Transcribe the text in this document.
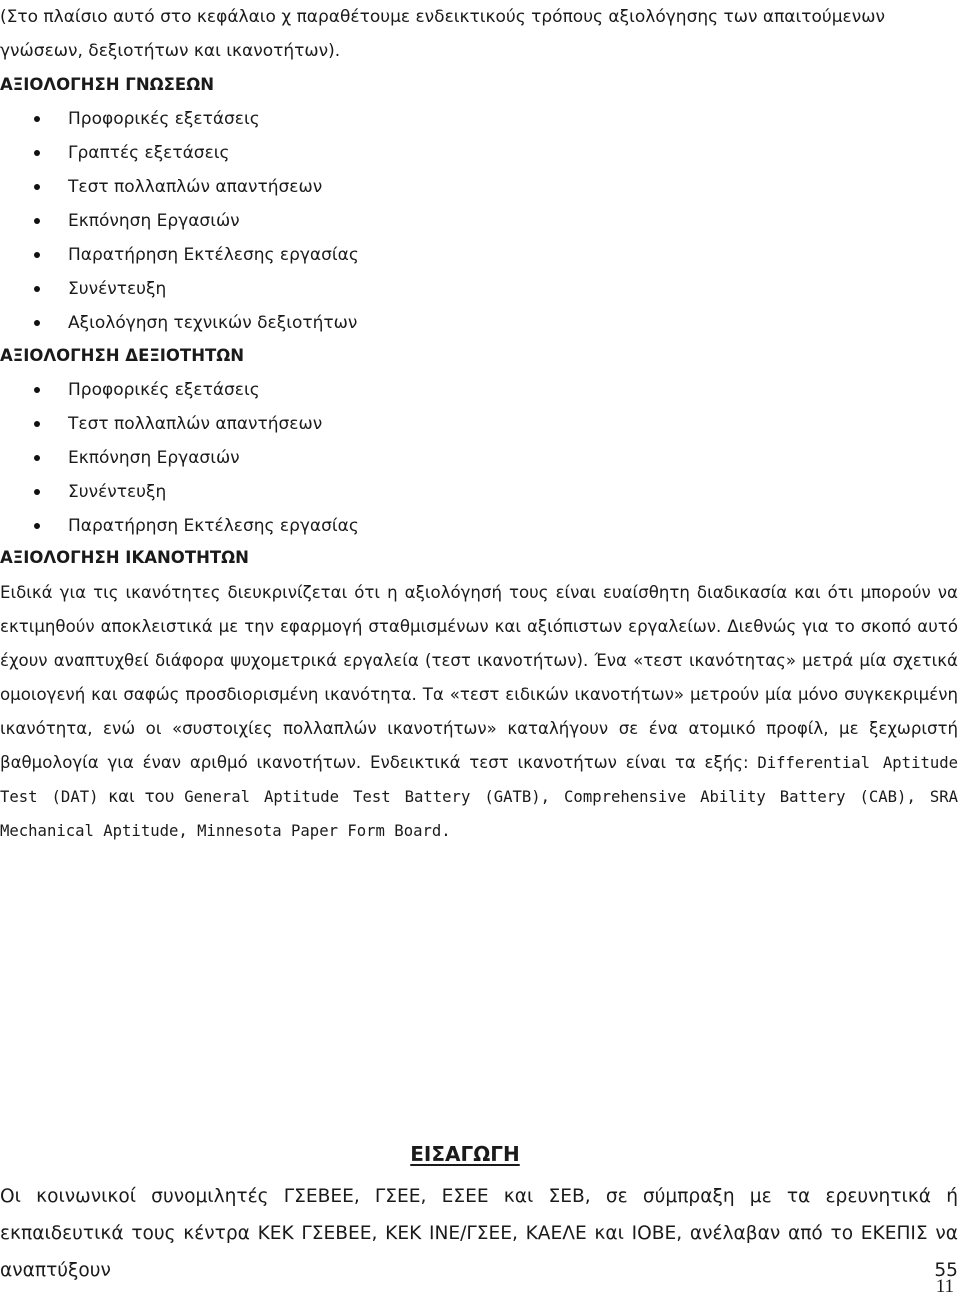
(Στο πλαίσιο αυτό στο κεφάλαιο χ παραθέτουμε ενδεικτικούς τρόπους αξιολόγησης των απαιτούμενων γνώσεων, δεξιοτήτων και ικανοτήτων).

ΑΞΙΟΛΟΓΗΣΗ ΓΝΩΣΕΩΝ
Προφορικές εξετάσεις
Γραπτές εξετάσεις
Τεστ πολλαπλών απαντήσεων
Εκπόνηση Εργασιών
Παρατήρηση Εκτέλεσης εργασίας
Συνέντευξη
Αξιολόγηση τεχνικών δεξιοτήτων
ΑΞΙΟΛΟΓΗΣΗ ΔΕΞΙΟΤΗΤΩΝ
Προφορικές εξετάσεις
Τεστ πολλαπλών απαντήσεων
Εκπόνηση Εργασιών
Συνέντευξη
Παρατήρηση Εκτέλεσης εργασίας
ΑΞΙΟΛΟΓΗΣΗ ΙΚΑΝΟΤΗΤΩΝ

Ειδικά για τις ικανότητες διευκρινίζεται ότι η αξιολόγησή τους είναι ευαίσθητη διαδικασία και ότι μπορούν να εκτιμηθούν αποκλειστικά με την εφαρμογή σταθμισμένων και αξιόπιστων εργαλείων. Διεθνώς για το σκοπό αυτό έχουν αναπτυχθεί διάφορα ψυχομετρικά εργαλεία (τεστ ικανοτήτων). Ένα «τεστ ικανότητας» μετρά μία σχετικά ομοιογενή και σαφώς προσδιορισμένη ικανότητα. Τα «τεστ ειδικών ικανοτήτων» μετρούν μία μόνο συγκεκριμένη ικανότητα, ενώ οι «συστοιχίες πολλαπλών ικανοτήτων» καταλήγουν σε ένα ατομικό προφίλ, με ξεχωριστή βαθμολογία για έναν αριθμό ικανοτήτων. Ενδεικτικά τεστ ικανοτήτων είναι τα εξής: Differential Aptitude Test (DAT) και του General Aptitude Test Battery (GATB), Comprehensive Ability Battery (CAB), SRA Mechanical Aptitude, Minnesota Paper Form Board.

ΕΙΣΑΓΩΓΗ

Οι κοινωνικοί συνομιλητές ΓΣΕΒΕΕ, ΓΣΕΕ, ΕΣΕΕ και ΣΕΒ, σε σύμπραξη με τα ερευνητικά ή εκπαιδευτικά τους κέντρα ΚΕΚ ΓΣΕΒΕΕ, ΚΕΚ ΙΝΕ/ΓΣΕΕ, ΚΑΕΛΕ και ΙΟΒΕ, ανέλαβαν από το ΕΚΕΠΙΣ να αναπτύξουν 55

11
